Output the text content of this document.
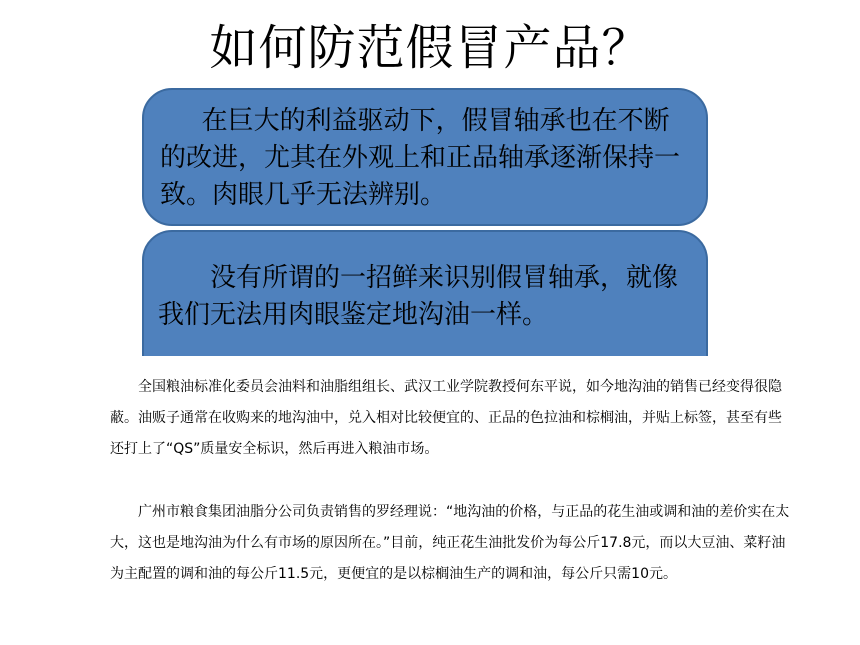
如何防范假冒产品？

在巨大的利益驱动下，假冒轴承也在不断的改进，尤其在外观上和正品轴承逐渐保持一致。肉眼几乎无法辨别。

没有所谓的一招鲜来识别假冒轴承，就像我们无法用肉眼鉴定地沟油一样。

全国粮油标准化委员会油料和油脂组组长、武汉工业学院教授何东平说，如今地沟油的销售已经变得很隐蔽。油贩子通常在收购来的地沟油中，兑入相对比较便宜的、正品的色拉油和棕榈油，并贴上标签，甚至有些还打上了“QS”质量安全标识，然后再进入粮油市场。

广州市粮食集团油脂分公司负责销售的罗经理说：“地沟油的价格，与正品的花生油或调和油的差价实在太大，这也是地沟油为什么有市场的原因所在。”目前，纯正花生油批发价为每公斤17.8元，而以大豆油、菜籽油为主配置的调和油的每公斤11.5元，更便宜的是以棕榈油生产的调和油，每公斤只需10元。
